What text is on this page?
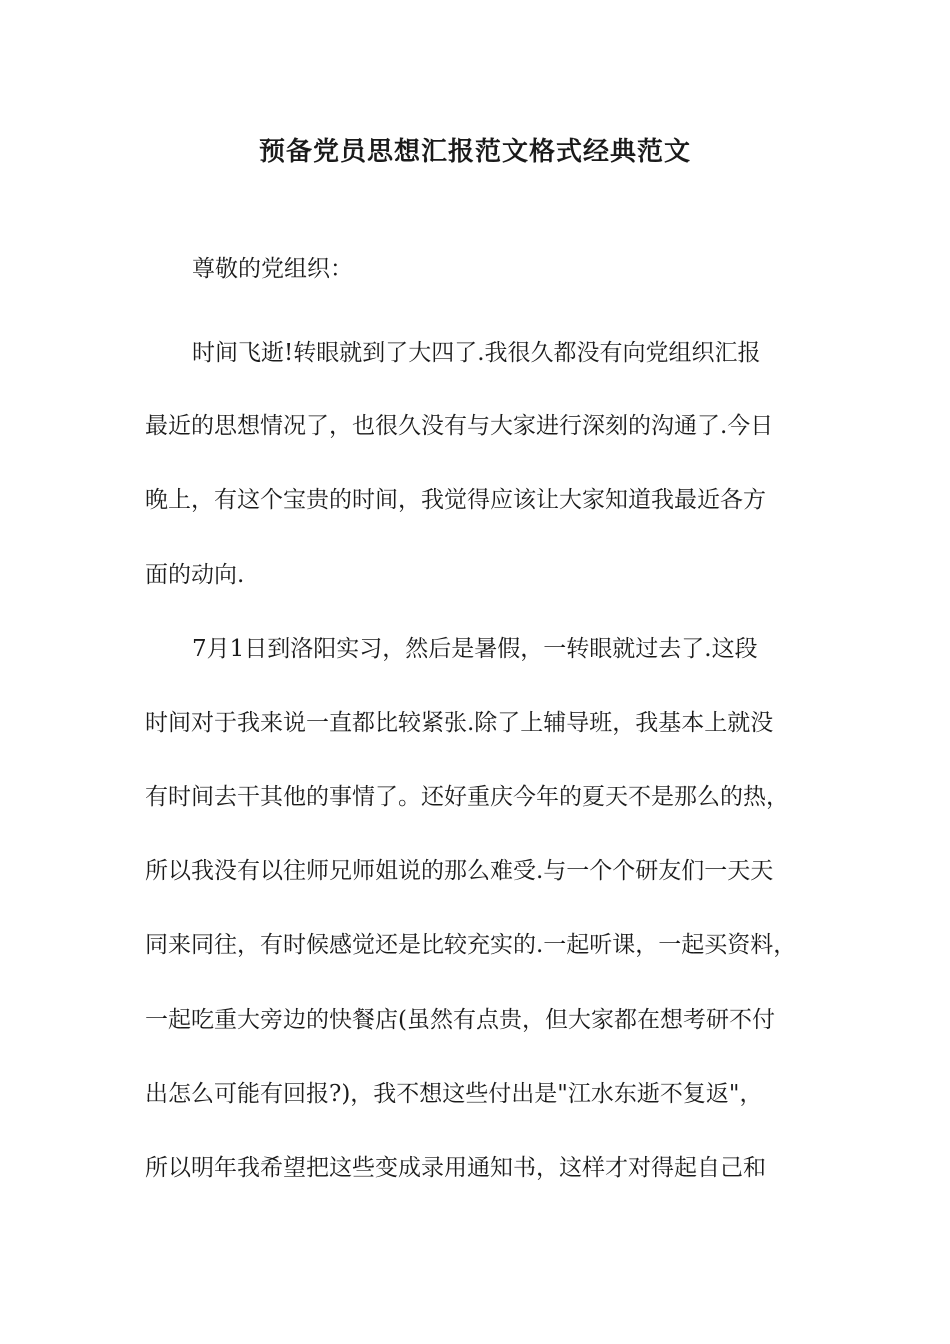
预备党员思想汇报范文格式经典范文

尊敬的党组织：

时间飞逝!转眼就到了大四了.我很久都没有向党组织汇报

最近的思想情况了，也很久没有与大家进行深刻的沟通了.今日

晚上，有这个宝贵的时间，我觉得应该让大家知道我最近各方

面的动向.

7月1日到洛阳实习，然后是暑假，一转眼就过去了.这段

时间对于我来说一直都比较紧张.除了上辅导班，我基本上就没

有时间去干其他的事情了。还好重庆今年的夏天不是那么的热，

所以我没有以往师兄师姐说的那么难受.与一个个研友们一天天

同来同往，有时候感觉还是比较充实的.一起听课，一起买资料，

一起吃重大旁边的快餐店(虽然有点贵，但大家都在想考研不付

出怎么可能有回报?)，我不想这些付出是"江水东逝不复返"，

所以明年我希望把这些变成录用通知书，这样才对得起自己和
